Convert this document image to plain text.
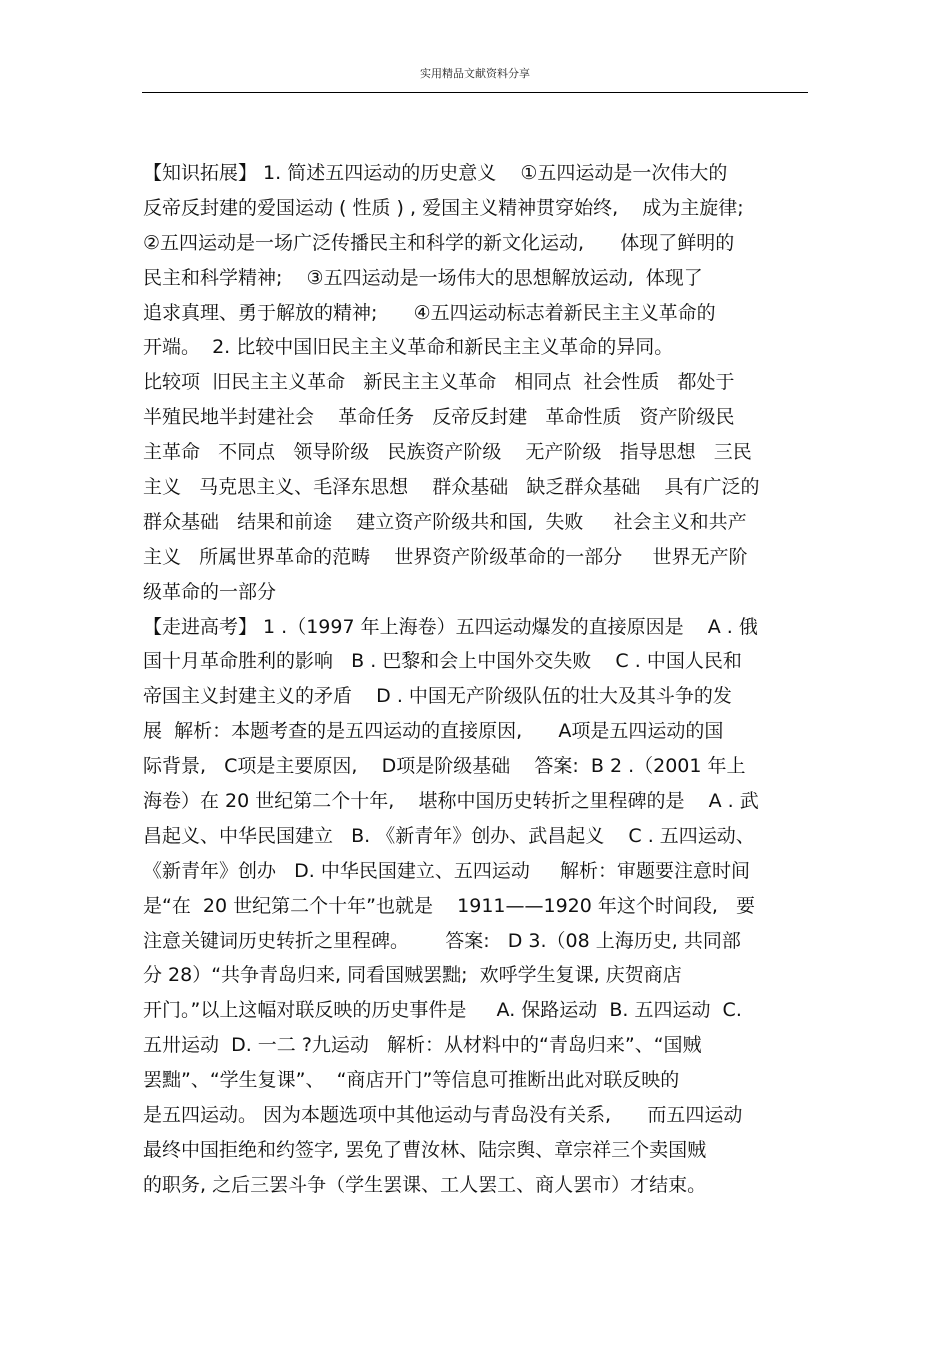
实用精品文献资料分享
【知识拓展】 1. 简述五四运动的历史意义    ①五四运动是一次伟大的
反帝反封建的爱国运动 ( 性质 ) , 爱国主义精神贯穿始终,    成为主旋律;
②五四运动是一场广泛传播民主和科学的新文化运动,      体现了鲜明的
民主和科学精神;    ③五四运动是一场伟大的思想解放运动,  体现了
追求真理、勇于解放的精神;      ④五四运动标志着新民主主义革命的
开端。  2. 比较中国旧民主主义革命和新民主主义革命的异同。
比较项  旧民主主义革命   新民主主义革命   相同点  社会性质   都处于
半殖民地半封建社会    革命任务   反帝反封建   革命性质   资产阶级民
主革命   不同点   领导阶级   民族资产阶级    无产阶级   指导思想   三民
主义   马克思主义、毛泽东思想    群众基础   缺乏群众基础    具有广泛的
群众基础   结果和前途    建立资产阶级共和国,  失败     社会主义和共产
主义   所属世界革命的范畴    世界资产阶级革命的一部分     世界无产阶
级革命的一部分
【走进高考】 1 .（1997 年上海卷）五四运动爆发的直接原因是    A . 俄
国十月革命胜利的影响   B . 巴黎和会上中国外交失败    C . 中国人民和
帝国主义封建主义的矛盾    D . 中国无产阶级队伍的壮大及其斗争的发
展  解析：本题考查的是五四运动的直接原因,      A项是五四运动的国
际背景,   C项是主要原因,    D项是阶级基础    答案:  B 2 .（2001 年上
海卷）在 20 世纪第二个十年,    堪称中国历史转折之里程碑的是    A . 武
昌起义、中华民国建立   B. 《新青年》创办、武昌起义    C . 五四运动、
《新青年》创办   D. 中华民国建立、五四运动     解析：审题要注意时间
是“在  20 世纪第二个十年”也就是    1911——1920 年这个时间段,   要
注意关键词历史转折之里程碑。      答案:   D 3.（08 上海历史, 共同部
分 28）“共争青岛归来, 同看国贼罢黜;  欢呼学生复课, 庆贺商店
开门。”以上这幅对联反映的历史事件是     A. 保路运动  B. 五四运动  C.
五卅运动  D. 一二 ?九运动   解析：从材料中的“青岛归来”、“国贼
罢黜”、“学生复课”、  “商店开门”等信息可推断出此对联反映的
是五四运动。 因为本题选项中其他运动与青岛没有关系,      而五四运动
最终中国拒绝和约签字, 罢免了曹汝林、陆宗舆、章宗祥三个卖国贼
的职务, 之后三罢斗争（学生罢课、工人罢工、商人罢市）才结束。
